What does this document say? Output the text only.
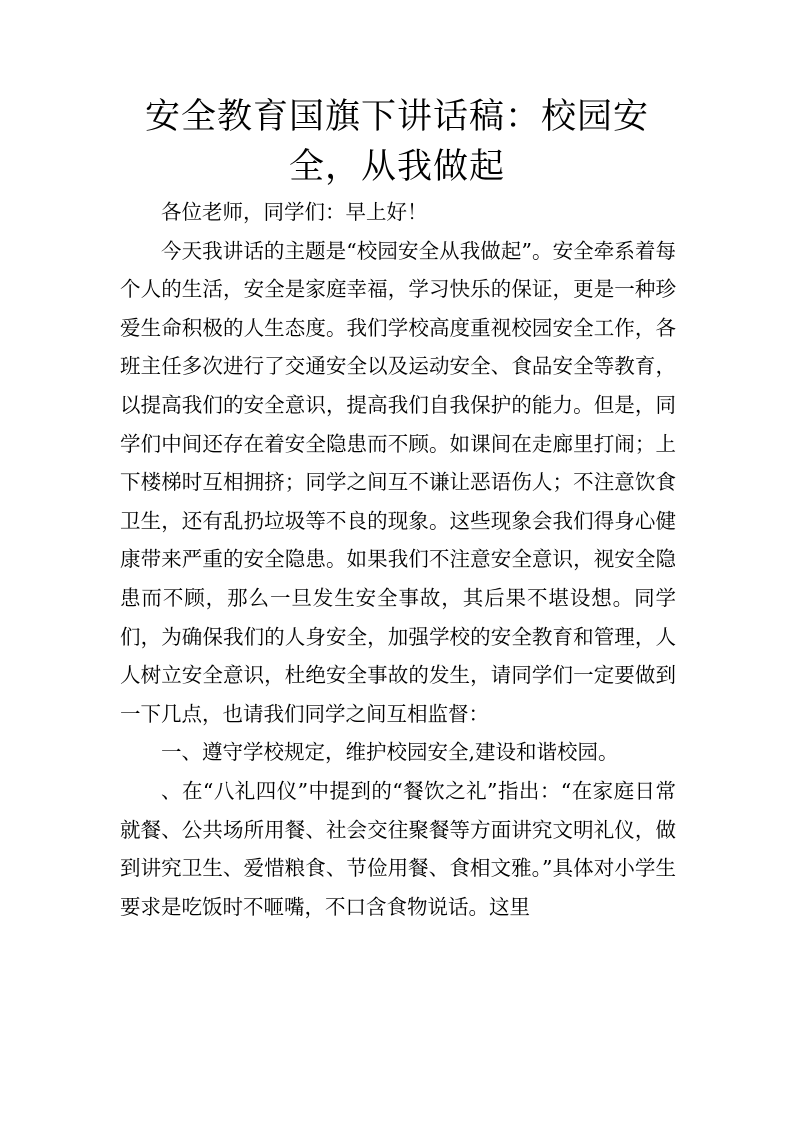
安全教育国旗下讲话稿：校园安全，从我做起

各位老师，同学们：早上好！

今天我讲话的主题是“校园安全从我做起”。安全牵系着每个人的生活，安全是家庭幸福，学习快乐的保证，更是一种珍爱生命积极的人生态度。我们学校高度重视校园安全工作，各班主任多次进行了交通安全以及运动安全、食品安全等教育，以提高我们的安全意识，提高我们自我保护的能力。但是，同学们中间还存在着安全隐患而不顾。如课间在走廊里打闹；上下楼梯时互相拥挤；同学之间互不谦让恶语伤人；不注意饮食卫生，还有乱扔垃圾等不良的现象。这些现象会我们得身心健康带来严重的安全隐患。如果我们不注意安全意识，视安全隐患而不顾，那么一旦发生安全事故，其后果不堪设想。同学们，为确保我们的人身安全，加强学校的安全教育和管理，人人树立安全意识，杜绝安全事故的发生，请同学们一定要做到一下几点，也请我们同学之间互相监督：

一、遵守学校规定，维护校园安全,建设和谐校园。

、在“八礼四仪”中提到的“餐饮之礼”指出：“在家庭日常就餐、公共场所用餐、社会交往聚餐等方面讲究文明礼仪，做到讲究卫生、爱惜粮食、节俭用餐、食相文雅。”具体对小学生要求是吃饭时不咂嘴，不口含食物说话。这里
